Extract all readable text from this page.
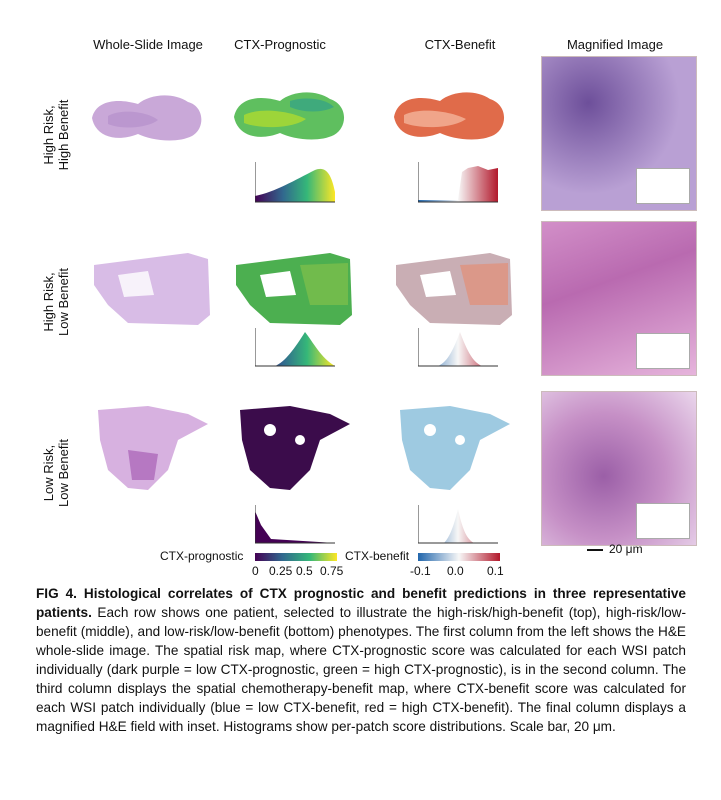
Whole-Slide Image	CTX-Prognostic	CTX-Benefit	Magnified Image
High Risk, High Benefit
High Risk, Low Benefit
Low Risk, Low Benefit
CTX-prognostic
0 0.25 0.5 0.75
CTX-benefit
-0.1 0.0 0.1
20 μm
FIG 4. Histological correlates of CTX prognostic and benefit predictions in three representative patients. Each row shows one patient, selected to illustrate the high-risk/high-benefit (top), high-risk/low-benefit (middle), and low-risk/low-benefit (bottom) phenotypes. The first column from the left shows the H&E whole-slide image. The spatial risk map, where CTX-prognostic score was calculated for each WSI patch individually (dark purple = low CTX-prognostic, green = high CTX-prognostic), is in the second column. The third column displays the spatial chemotherapy-benefit map, where CTX-benefit score was calculated for each WSI patch individually (blue = low CTX-benefit, red = high CTX-benefit). The final column displays a magnified H&E field with inset. Histograms show per-patch score distributions. Scale bar, 20 μm.
